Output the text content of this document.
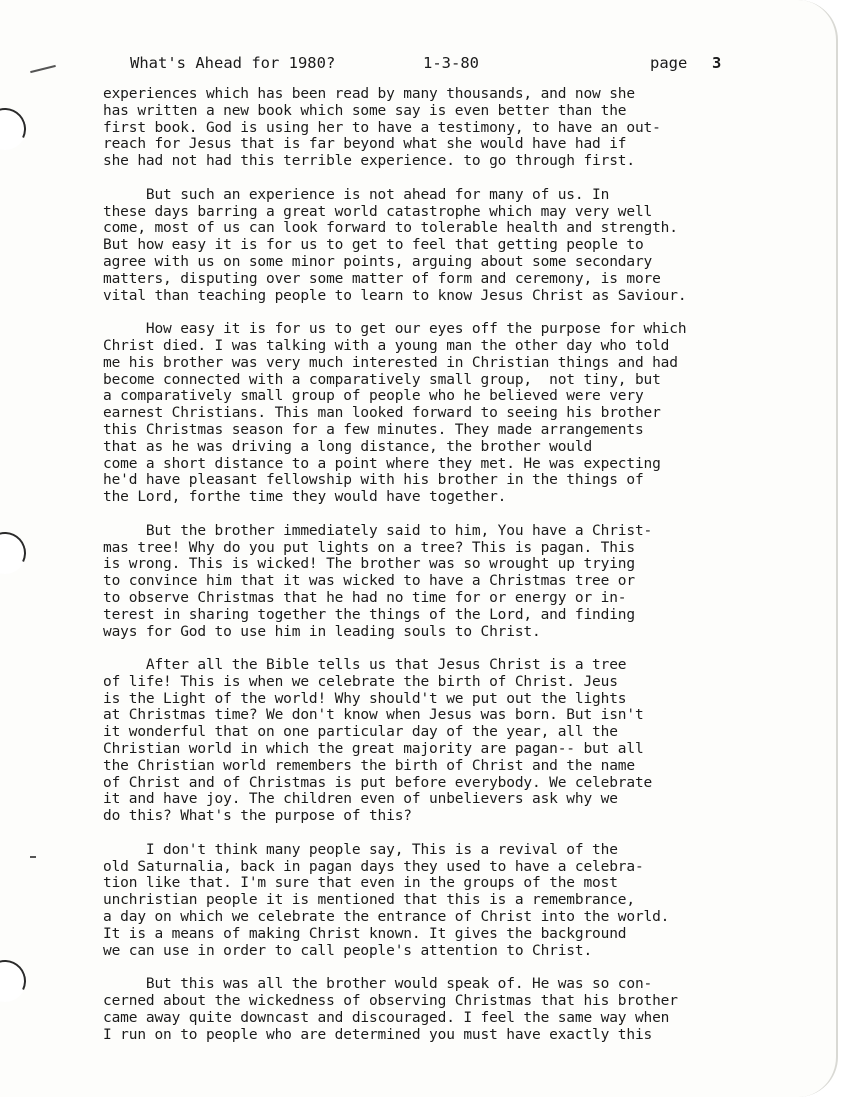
What's Ahead for 1980?

	1-3-80

	page

3

experiences which has been read by many thousands, and now she
has written a new book which some say is even better than the
first book. God is using her to have a testimony, to have an out-
reach for Jesus that is far beyond what she would have had if
she had not had this terrible experience. to go through first.
But such an experience is not ahead for many of us. In
these days barring a great world catastrophe which may very well
come, most of us can look forward to tolerable health and strength.
But how easy it is for us to get to feel that getting people to
agree with us on some minor points, arguing about some secondary
matters, disputing over some matter of form and ceremony, is more
vital than teaching people to learn to know Jesus Christ as Saviour.
How easy it is for us to get our eyes off the purpose for which
Christ died. I was talking with a young man the other day who told
me his brother was very much interested in Christian things and had
become connected with a comparatively small group,  not tiny, but
a comparatively small group of people who he believed were very
earnest Christians. This man looked forward to seeing his brother
this Christmas season for a few minutes. They made arrangements
that as he was driving a long distance, the brother would
come a short distance to a point where they met. He was expecting
he'd have pleasant fellowship with his brother in the things of
the Lord, forthe time they would have together.
But the brother immediately said to him, You have a Christ-
mas tree! Why do you put lights on a tree? This is pagan. This
is wrong. This is wicked! The brother was so wrought up trying
to convince him that it was wicked to have a Christmas tree or
to observe Christmas that he had no time for or energy or in-
terest in sharing together the things of the Lord, and finding
ways for God to use him in leading souls to Christ.
After all the Bible tells us that Jesus Christ is a tree
of life! This is when we celebrate the birth of Christ. Jeus
is the Light of the world! Why should't we put out the lights
at Christmas time? We don't know when Jesus was born. But isn't
it wonderful that on one particular day of the year, all the
Christian world in which the great majority are pagan-- but all
the Christian world remembers the birth of Christ and the name
of Christ and of Christmas is put before everybody. We celebrate
it and have joy. The children even of unbelievers ask why we
do this? What's the purpose of this?
I don't think many people say, This is a revival of the
old Saturnalia, back in pagan days they used to have a celebra-
tion like that. I'm sure that even in the groups of the most
unchristian people it is mentioned that this is a remembrance,
a day on which we celebrate the entrance of Christ into the world.
It is a means of making Christ known. It gives the background
we can use in order to call people's attention to Christ.
But this was all the brother would speak of. He was so con-
cerned about the wickedness of observing Christmas that his brother
came away quite downcast and discouraged. I feel the same way when
I run on to people who are determined you must have exactly this
